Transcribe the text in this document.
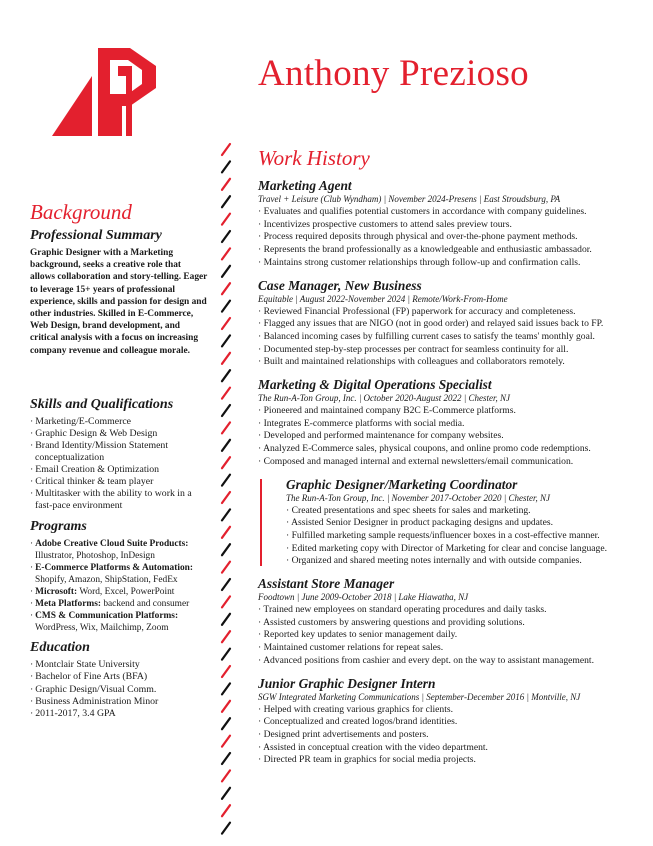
Anthony Prezioso
Background
Professional Summary

Graphic Designer with a Marketing background, seeks a creative role that allows collaboration and story-telling. Eager to leverage 15+ years of professional experience, skills and passion for design and other industries. Skilled in E-Commerce, Web Design, brand development, and critical analysis with a focus on increasing company revenue and colleague morale.

Skills and Qualifications
· Marketing/E-Commerce
· Graphic Design & Web Design
· Brand Identity/Mission Statement conceptualization
· Email Creation & Optimization
· Critical thinker & team player
· Multitasker with the ability to work in a fast-pace environment
Programs
· Adobe Creative Cloud Suite Products:
Illustrator, Photoshop, InDesign
· E-Commerce Platforms & Automation:
Shopify, Amazon, ShipStation, FedEx
· Microsoft: Word, Excel, PowerPoint
· Meta Platforms: backend and consumer
· CMS & Communication Platforms:
WordPress, Wix, Mailchimp, Zoom
Education
· Montclair State University
· Bachelor of Fine Arts (BFA)
· Graphic Design/Visual Comm.
· Business Administration Minor
· 2011-2017, 3.4 GPA
Work History
Marketing Agent
Travel + Leisure (Club Wyndham) | November 2024-Presens | East Stroudsburg, PA
· Evaluates and qualifies potential customers in accordance with company guidelines.
· Incentivizes prospective customers to attend sales preview tours.
· Process required deposits through physical and over-the-phone payment methods.
· Represents the brand professionally as a knowledgeable and enthusiastic ambassador.
· Maintains strong customer relationships through follow-up and confirmation calls.
Case Manager, New Business
Equitable | August 2022-November 2024 | Remote/Work-From-Home
· Reviewed Financial Professional (FP) paperwork for accuracy and completeness.
· Flagged any issues that are NIGO (not in good order) and relayed said issues back to FP.
· Balanced incoming cases by fulfilling current cases to satisfy the teams' monthly goal.
· Documented step-by-step processes per contract for seamless continuity for all.
· Built and maintained relationships with colleagues and collaborators remotely.
Marketing & Digital Operations Specialist
The Run-A-Ton Group, Inc. | October 2020-August 2022 | Chester, NJ
· Pioneered and maintained company B2C E-Commerce platforms.
· Integrates E-commerce platforms with social media.
· Developed and performed maintenance for company websites.
· Analyzed E-Commerce sales, physical coupons, and online promo code redemptions.
· Composed and managed internal and external newsletters/email communication.
Graphic Designer/Marketing Coordinator
The Run-A-Ton Group, Inc. | November 2017-October 2020 | Chester, NJ
· Created presentations and spec sheets for sales and marketing.
· Assisted Senior Designer in product packaging designs and updates.
· Fulfilled marketing sample requests/influencer boxes in a cost-effective manner.
· Edited marketing copy with Director of Marketing for clear and concise language.
· Organized and shared meeting notes internally and with outside companies.
Assistant Store Manager
Foodtown | June 2009-October 2018 | Lake Hiawatha, NJ
· Trained new employees on standard operating procedures and daily tasks.
· Assisted customers by answering questions and providing solutions.
· Reported key updates to senior management daily.
· Maintained customer relations for repeat sales.
· Advanced positions from cashier and every dept. on the way to assistant management.
Junior Graphic Designer Intern
SGW Integrated Marketing Communications | September-December 2016 | Montville, NJ
· Helped with creating various graphics for clients.
· Conceptualized and created logos/brand identities.
· Designed print advertisements and posters.
· Assisted in conceptual creation with the video department.
· Directed PR team in graphics for social media projects.
